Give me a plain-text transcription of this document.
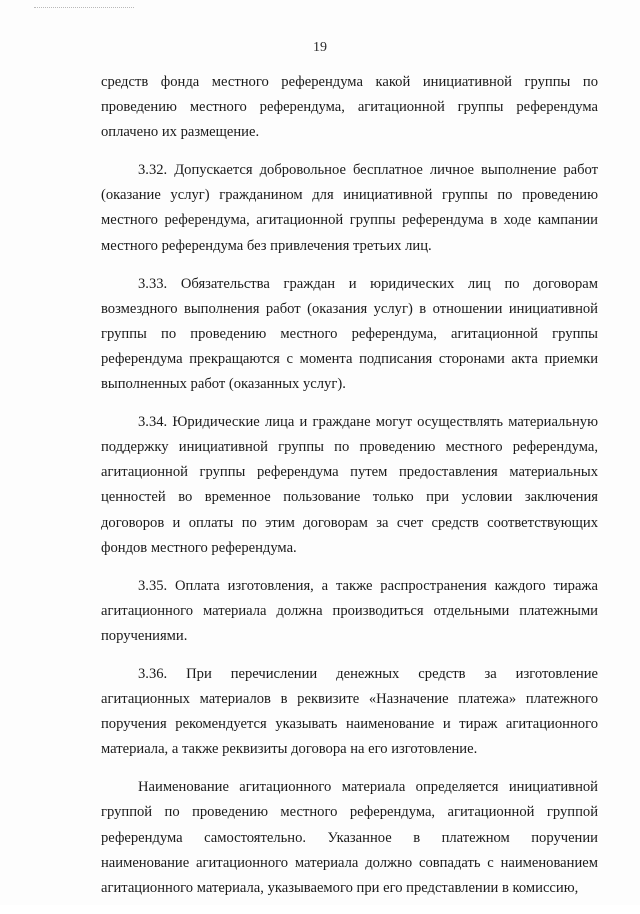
19

средств фонда местного референдума какой инициативной группы по проведению местного референдума, агитационной группы референдума оплачено их размещение.

3.32. Допускается добровольное бесплатное личное выполнение работ (оказание услуг) гражданином для инициативной группы по проведению местного референдума, агитационной группы референдума в ходе кампании местного референдума без привлечения третьих лиц.

3.33. Обязательства граждан и юридических лиц по договорам возмездного выполнения работ (оказания услуг) в отношении инициативной группы по проведению местного референдума, агитационной группы референдума прекращаются с момента подписания сторонами акта приемки выполненных работ (оказанных услуг).

3.34. Юридические лица и граждане могут осуществлять материальную поддержку инициативной группы по проведению местного референдума, агитационной группы референдума путем предоставления материальных ценностей во временное пользование только при условии заключения договоров и оплаты по этим договорам за счет средств соответствующих фондов местного референдума.

3.35. Оплата изготовления, а также распространения каждого тиража агитационного материала должна производиться отдельными платежными поручениями.

3.36. При перечислении денежных средств за изготовление агитационных материалов в реквизите «Назначение платежа» платежного поручения рекомендуется указывать наименование и тираж агитационного материала, а также реквизиты договора на его изготовление.

Наименование агитационного материала определяется инициативной группой по проведению местного референдума, агитационной группой референдума самостоятельно. Указанное в платежном поручении наименование агитационного материала должно совпадать с наименованием агитационного материала, указываемого при его представлении в комиссию,
